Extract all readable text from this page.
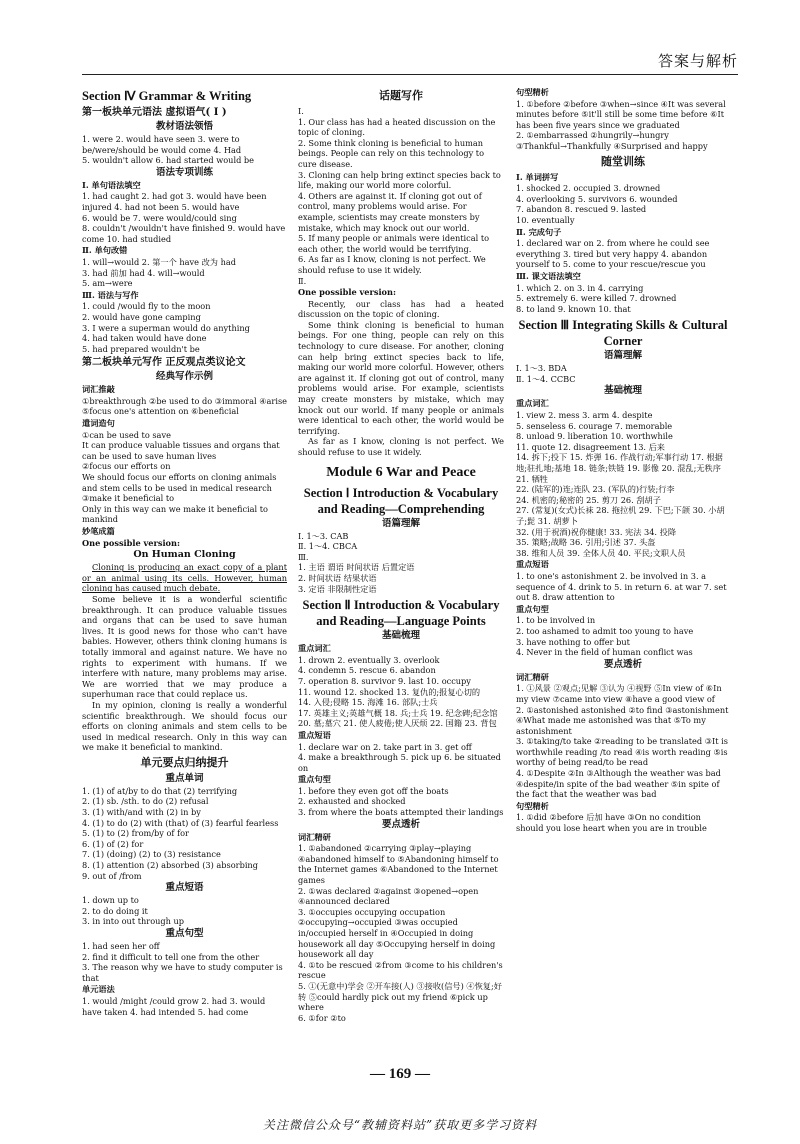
答案与解析
Section Ⅳ Grammar & Writing
第一板块单元语法 虚拟语气( Ⅰ )
教材语法领悟

1. were 2. would have seen 3. were to be/were/should be would come 4. Had

5. wouldn't allow 6. had started would be

语法专项训练
Ⅰ. 单句语法填空

1. had caught 2. had got 3. would have been injured 4. had not been 5. would have

6. would be 7. were would/could sing

8. couldn't /wouldn't have finished 9. would have come 10. had studied

Ⅱ. 单句改错

1. will→would 2. 第一个 have 改为 had

3. had 前加 had 4. will→would

5. am→were

Ⅲ. 语法与写作

1. could /would fly to the moon

2. would have gone camping

3. I were a superman would do anything

4. had taken would have done

5. had prepared wouldn't be

第二板块单元写作 正反观点类议论文
经典写作示例
词汇推敲

①breakthrough ②be used to do ③immoral ④arise ⑤focus one's attention on ⑥beneficial

遣词造句

①can be used to save

It can produce valuable tissues and organs that can be used to save human lives

②focus our efforts on

We should focus our efforts on cloning animals and stem cells to be used in medical research

③make it beneficial to

Only in this way can we make it beneficial to mankind

妙笔成篇
One possible version:
On Human Cloning

Cloning is producing an exact copy of a plant or an animal using its cells. However, human cloning has caused much debate.

Some believe it is a wonderful scientific breakthrough. It can produce valuable tissues and organs that can be used to save human lives. It is good news for those who can't have babies. However, others think cloning humans is totally immoral and against nature. We have no rights to experiment with humans. If we interfere with nature, many problems may arise. We are worried that we may produce a superhuman race that could replace us.

In my opinion, cloning is really a wonderful scientific breakthrough. We should focus our efforts on cloning animals and stem cells to be used in medical research. Only in this way can we make it beneficial to mankind.

单元要点归纳提升
重点单词

1. (1) of at/by to do that (2) terrifying

2. (1) sb. /sth. to do (2) refusal

3. (1) with/and with (2) in by

4. (1) to do (2) with (that) of (3) fearful fearless

5. (1) to (2) from/by of for

6. (1) of (2) for

7. (1) (doing) (2) to (3) resistance

8. (1) attention (2) absorbed (3) absorbing

9. out of /from

重点短语

1. down up to

2. to do doing it

3. in into out through up

重点句型

1. had seen her off

2. find it difficult to tell one from the other

3. The reason why we have to study computer is that

单元语法

1. would /might /could grow 2. had 3. would have taken 4. had intended 5. had come

话题写作
Ⅰ.

1. Our class has had a heated discussion on the topic of cloning.

2. Some think cloning is beneficial to human beings. People can rely on this technology to cure disease.

3. Cloning can help bring extinct species back to life, making our world more colorful.

4. Others are against it. If cloning got out of control, many problems would arise. For example, scientists may create monsters by mistake, which may knock out our world.

5. If many people or animals were identical to each other, the world would be terrifying.

6. As far as I know, cloning is not perfect. We should refuse to use it widely.

Ⅱ.
One possible version:

Recently, our class has had a heated discussion on the topic of cloning.

Some think cloning is beneficial to human beings. For one thing, people can rely on this technology to cure disease. For another, cloning can help bring extinct species back to life, making our world more colorful. However, others are against it. If cloning got out of control, many problems would arise. For example, scientists may create monsters by mistake, which may knock out our world. If many people or animals were identical to each other, the world would be terrifying.

As far as I know, cloning is not perfect. We should refuse to use it widely.

Module 6 War and Peace
Section Ⅰ Introduction & Vocabulary and Reading—Comprehending
语篇理解

Ⅰ. 1～3. CAB

Ⅱ. 1～4. CBCA

Ⅲ.

1. 主语 谓语 时间状语 后置定语

2. 时间状语 结果状语

3. 定语 非限制性定语

Section Ⅱ Introduction & Vocabulary and Reading—Language Points
基础梳理
重点词汇

1. drown 2. eventually 3. overlook

4. condemn 5. rescue 6. abandon

7. operation 8. survivor 9. last 10. occupy

11. wound 12. shocked 13. 复仇的;报复心切的

14. 入侵;侵略 15. 海滩 16. 部队;士兵

17. 英雄主义;英雄气概 18. 兵;士兵 19. 纪念碑;纪念馆 20. 墓;墓穴 21. 使人疲倦;使人厌烦 22. 国籍 23. 背包

重点短语

1. declare war on 2. take part in 3. get off

4. make a breakthrough 5. pick up 6. be situated on

重点句型

1. before they even got off the boats

2. exhausted and shocked

3. from where the boats attempted their landings

要点透析
词汇精研

1. ①abandoned ②carrying ③play→playing ④abandoned himself to ⑤Abandoning himself to the Internet games ⑥Abandoned to the Internet games

2. ①was declared ②against ③opened→open ④announced declared

3. ①occupies occupying occupation ②occupying→occupied ③was occupied in/occupied herself in ④Occupied in doing housework all day ⑤Occupying herself in doing housework all day

4. ①to be rescued ②from ③come to his children's rescue

5. ①(无意中)学会 ②开车接(人) ③接收(信号) ④恢复;好转 ⑤could hardly pick out my friend ⑥pick up where

6. ①for ②to

句型精析

1. ①before ②before ③when→since ④It was several minutes before ⑤it'll still be some time before ⑥It has been five years since we graduated

2. ①embarrassed ②hungrily→hungry ③Thankful→Thankfully ④Surprised and happy

随堂训练
Ⅰ. 单词拼写

1. shocked 2. occupied 3. drowned

4. overlooking 5. survivors 6. wounded

7. abandon 8. rescued 9. lasted

10. eventually

Ⅱ. 完成句子

1. declared war on 2. from where he could see everything 3. tired but very happy 4. abandon yourself to 5. come to your rescue/rescue you

Ⅲ. 课文语法填空

1. which 2. on 3. in 4. carrying

5. extremely 6. were killed 7. drowned

8. to land 9. known 10. that

Section Ⅲ Integrating Skills & Cultural Corner
语篇理解

Ⅰ. 1～3. BDA

Ⅱ. 1～4. CCBC

基础梳理
重点词汇

1. view 2. mess 3. arm 4. despite

5. senseless 6. courage 7. memorable

8. unload 9. liberation 10. worthwhile

11. quote 12. disagreement 13. 后来

14. 拆下;投下 15. 炸弹 16. 作战行动;军事行动 17. 根据地;驻扎地;基地 18. 链条;铁链 19. 影像 20. 混乱;无秩序 21. 牺牲

22. (陆军的)连;连队 23. (军队的)行装;行李

24. 机密的;秘密的 25. 剪刀 26. 刮胡子

27. (常复)(女式)长袜 28. 拖拉机 29. 下巴;下颌 30. 小胡子;髭 31. 胡萝卜

32. (用于祝酒)祝你健康! 33. 宪法 34. 投降

35. 策略;战略 36. 引用;引述 37. 头盔

38. 维和人员 39. 全体人员 40. 平民;文职人员

重点短语

1. to one's astonishment 2. be involved in 3. a sequence of 4. drink to 5. in return 6. at war 7. set out 8. draw attention to

重点句型

1. to be involved in

2. too ashamed to admit too young to have

3. have nothing to offer but

4. Never in the field of human conflict was

要点透析
词汇精研

1. ①风景 ②观点;见解 ③认为 ④视野 ⑤In view of ⑥In my view ⑦came into view ⑧have a good view of

2. ①astonished astonished ②to find ③astonishment ④What made me astonished was that ⑤To my astonishment

3. ①taking/to take ②reading to be translated ③It is worthwhile reading /to read ④is worth reading ⑤is worthy of being read/to be read

4. ①Despite ②In ③Although the weather was bad ④despite/in spite of the bad weather ⑤in spite of the fact that the weather was bad

句型精析

1. ①did ②before 后加 have ③On no condition should you lose heart when you are in trouble

— 169 —
关注微信公众号“教辅资料站”获取更多学习资料
